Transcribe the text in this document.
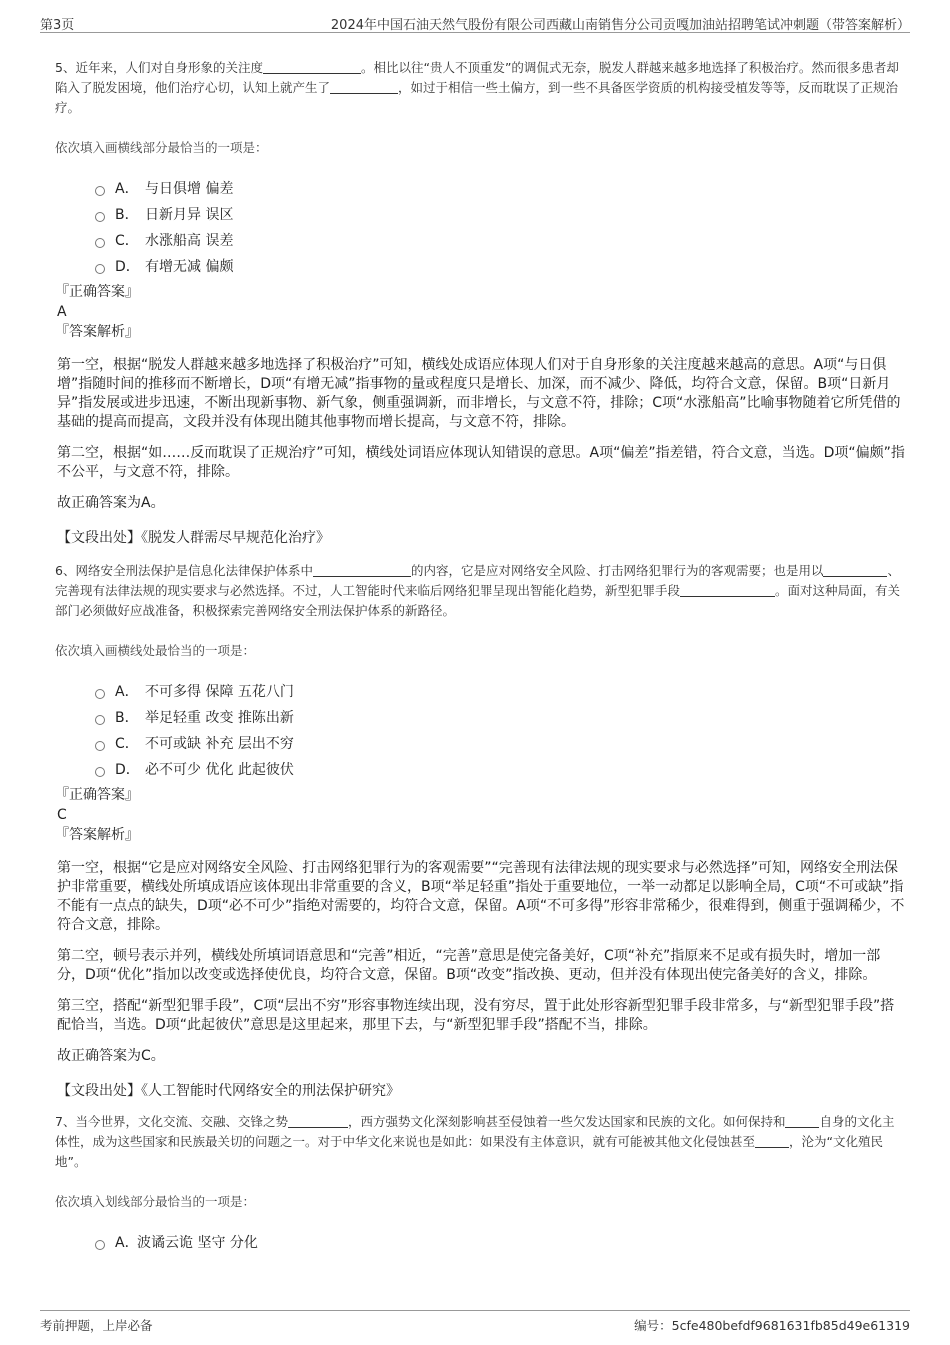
第3页	2024年中国石油天然气股份有限公司西藏山南销售分公司贡嘎加油站招聘笔试冲刺题（带答案解析）

5、近年来，人们对自身形象的关注度	。相比以往“贵人不顶重发”的调侃式无奈，脱发人群越来越多地选择了积极治疗。然而很多患者却陷入了脱发困境，他们治疗心切，认知上就产生了	，如过于相信一些土偏方，到一些不具备医学资质的机构接受植发等等，反而耽误了正规治疗。

依次填入画横线部分最恰当的一项是：

A． 与日俱增 偏差
B． 日新月异 误区
C． 水涨船高 误差
D． 有增无减 偏颇

『正确答案』

A

『答案解析』

第一空，根据“脱发人群越来越多地选择了积极治疗”可知，横线处成语应体现人们对于自身形象的关注度越来越高的意思。A项“与日俱增”指随时间的推移而不断增长，D项“有增无减”指事物的量或程度只是增长、加深，而不减少、降低，均符合文意，保留。B项“日新月异”指发展或进步迅速，不断出现新事物、新气象，侧重强调新，而非增长，与文意不符，排除；C项“水涨船高”比喻事物随着它所凭借的基础的提高而提高，文段并没有体现出随其他事物而增长提高，与文意不符，排除。

第二空，根据“如……反而耽误了正规治疗”可知，横线处词语应体现认知错误的意思。A项“偏差”指差错，符合文意，当选。D项“偏颇”指不公平，与文意不符，排除。

故正确答案为A。

【文段出处】《脱发人群需尽早规范化治疗》

6、网络安全刑法保护是信息化法律保护体系中	的内容，它是应对网络安全风险、打击网络犯罪行为的客观需要；也是用以	、完善现有法律法规的现实要求与必然选择。不过，人工智能时代来临后网络犯罪呈现出智能化趋势，新型犯罪手段	。面对这种局面，有关部门必须做好应战准备，积极探索完善网络安全刑法保护体系的新路径。

依次填入画横线处最恰当的一项是：

A． 不可多得 保障 五花八门
B． 举足轻重 改变 推陈出新
C． 不可或缺 补充 层出不穷
D． 必不可少 优化 此起彼伏

『正确答案』

C

『答案解析』

第一空，根据“它是应对网络安全风险、打击网络犯罪行为的客观需要”“完善现有法律法规的现实要求与必然选择”可知，网络安全刑法保护非常重要，横线处所填成语应该体现出非常重要的含义，B项“举足轻重”指处于重要地位，一举一动都足以影响全局，C项“不可或缺”指不能有一点点的缺失，D项“必不可少”指绝对需要的，均符合文意，保留。A项“不可多得”形容非常稀少，很难得到，侧重于强调稀少，不符合文意，排除。

第二空，顿号表示并列，横线处所填词语意思和“完善”相近，“完善”意思是使完备美好，C项“补充”指原来不足或有损失时，增加一部分，D项“优化”指加以改变或选择使优良，均符合文意，保留。B项“改变”指改换、更动，但并没有体现出使完备美好的含义，排除。

第三空，搭配“新型犯罪手段”，C项“层出不穷”形容事物连续出现，没有穷尽，置于此处形容新型犯罪手段非常多，与“新型犯罪手段”搭配恰当，当选。D项“此起彼伏”意思是这里起来，那里下去，与“新型犯罪手段”搭配不当，排除。

故正确答案为C。

【文段出处】《人工智能时代网络安全的刑法保护研究》

7、当今世界，文化交流、交融、交锋之势	，西方强势文化深刻影响甚至侵蚀着一些欠发达国家和民族的文化。如何保持和	自身的文化主体性，成为这些国家和民族最关切的问题之一。对于中华文化来说也是如此：如果没有主体意识，就有可能被其他文化侵蚀甚至	，沦为“文化殖民地”。

依次填入划线部分最恰当的一项是：

A．
波谲云诡 坚守 分化
考前押题，上岸必备	编号：5cfe480befdf9681631fb85d49e61319
